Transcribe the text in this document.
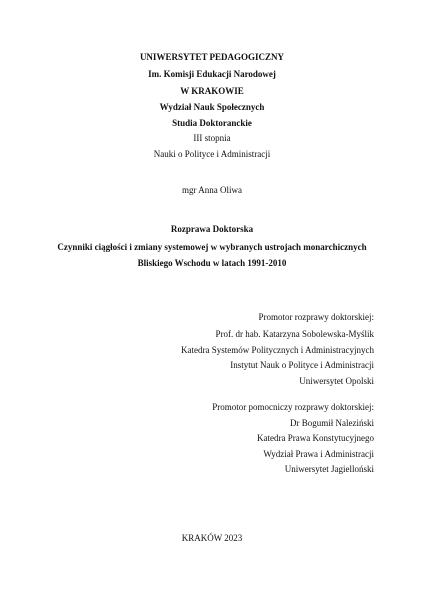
UNIWERSYTET PEDAGOGICZNY
Im. Komisji Edukacji Narodowej
W KRAKOWIE
Wydział Nauk Społecznych
Studia Doktoranckie
III stopnia
Nauki o Polityce i Administracji
mgr Anna Oliwa
Rozprawa Doktorska
Czynniki ciągłości i zmiany systemowej w wybranych ustrojach monarchicznych
Bliskiego Wschodu w latach 1991-2010
Promotor rozprawy doktorskiej:
Prof. dr hab. Katarzyna Sobolewska-Myślik
Katedra Systemów Politycznych i Administracyjnych
Instytut Nauk o Polityce i Administracji
Uniwersytet Opolski
Promotor pomocniczy rozprawy doktorskiej:
Dr Bogumił Naleziński
Katedra Prawa Konstytucyjnego
Wydział Prawa i Administracji
Uniwersytet Jagielloński
KRAKÓW 2023
